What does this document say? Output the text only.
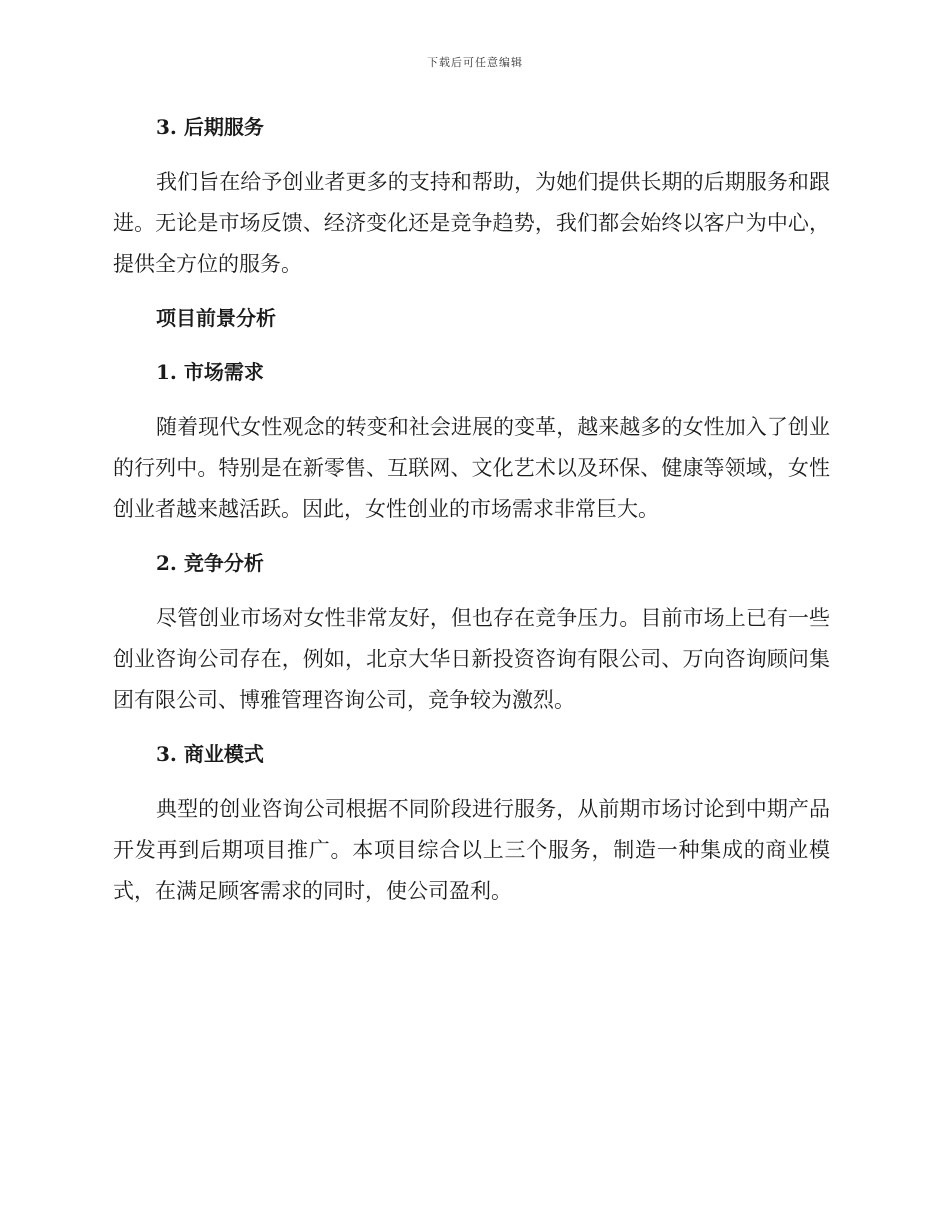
下载后可任意编辑
3. 后期服务

我们旨在给予创业者更多的支持和帮助，为她们提供长期的后期服务和跟进。无论是市场反馈、经济变化还是竞争趋势，我们都会始终以客户为中心，提供全方位的服务。

项目前景分析
1. 市场需求

随着现代女性观念的转变和社会进展的变革，越来越多的女性加入了创业的行列中。特别是在新零售、互联网、文化艺术以及环保、健康等领域，女性创业者越来越活跃。因此，女性创业的市场需求非常巨大。

2. 竞争分析

尽管创业市场对女性非常友好，但也存在竞争压力。目前市场上已有一些创业咨询公司存在，例如，北京大华日新投资咨询有限公司、万向咨询顾问集团有限公司、博雅管理咨询公司，竞争较为激烈。

3. 商业模式

典型的创业咨询公司根据不同阶段进行服务，从前期市场讨论到中期产品开发再到后期项目推广。本项目综合以上三个服务，制造一种集成的商业模式，在满足顾客需求的同时，使公司盈利。
